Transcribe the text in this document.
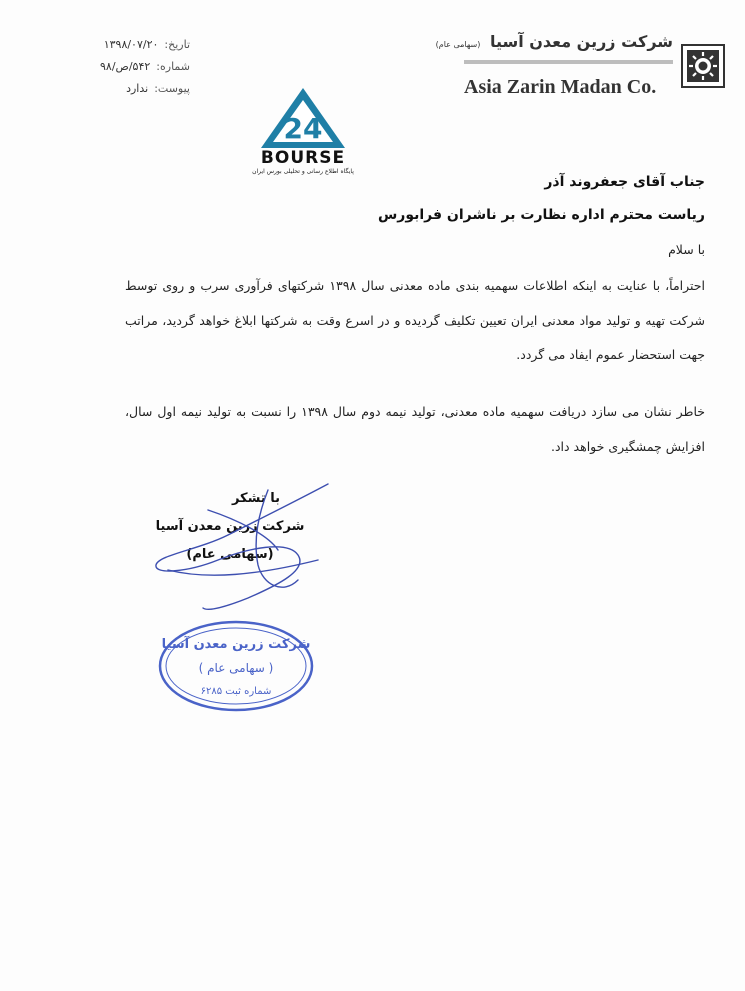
تاریخ:
۱۳۹۸/۰۷/۲۰
شماره:
۵۴۲/ص/۹۸
پیوست:
ندارد
شرکت زرین معدن آسیا (سهامی عام)
Asia Zarin Madan Co.
24
BOURSE
پایگاه اطلاع رسانی و تحلیلی بورس ایران
جناب آقای جعفروند آذر
ریاست محترم اداره نظارت بر ناشران فرابورس
با سلام
احتراماً، با عنایت به اینکه اطلاعات سهمیه بندی ماده معدنی سال ۱۳۹۸ شرکتهای فرآوری سرب و روی توسط شرکت تهیه و تولید مواد معدنی ایران تعیین تکلیف گردیده و در اسرع وقت به شرکتها ابلاغ خواهد گردید، مراتب جهت استحضار عموم ایفاد می گردد.
خاطر نشان می سازد دریافت سهمیه ماده معدنی، تولید نیمه دوم سال ۱۳۹۸ را نسبت به تولید نیمه اول سال، افزایش چمشگیری خواهد داد.
با تشکر
شرکت زرین معدن آسیا
(سهامی عام)
شرکت زرین معدن آسیا
( سهامی عام )
شماره ثبت ۶۲۸۵
